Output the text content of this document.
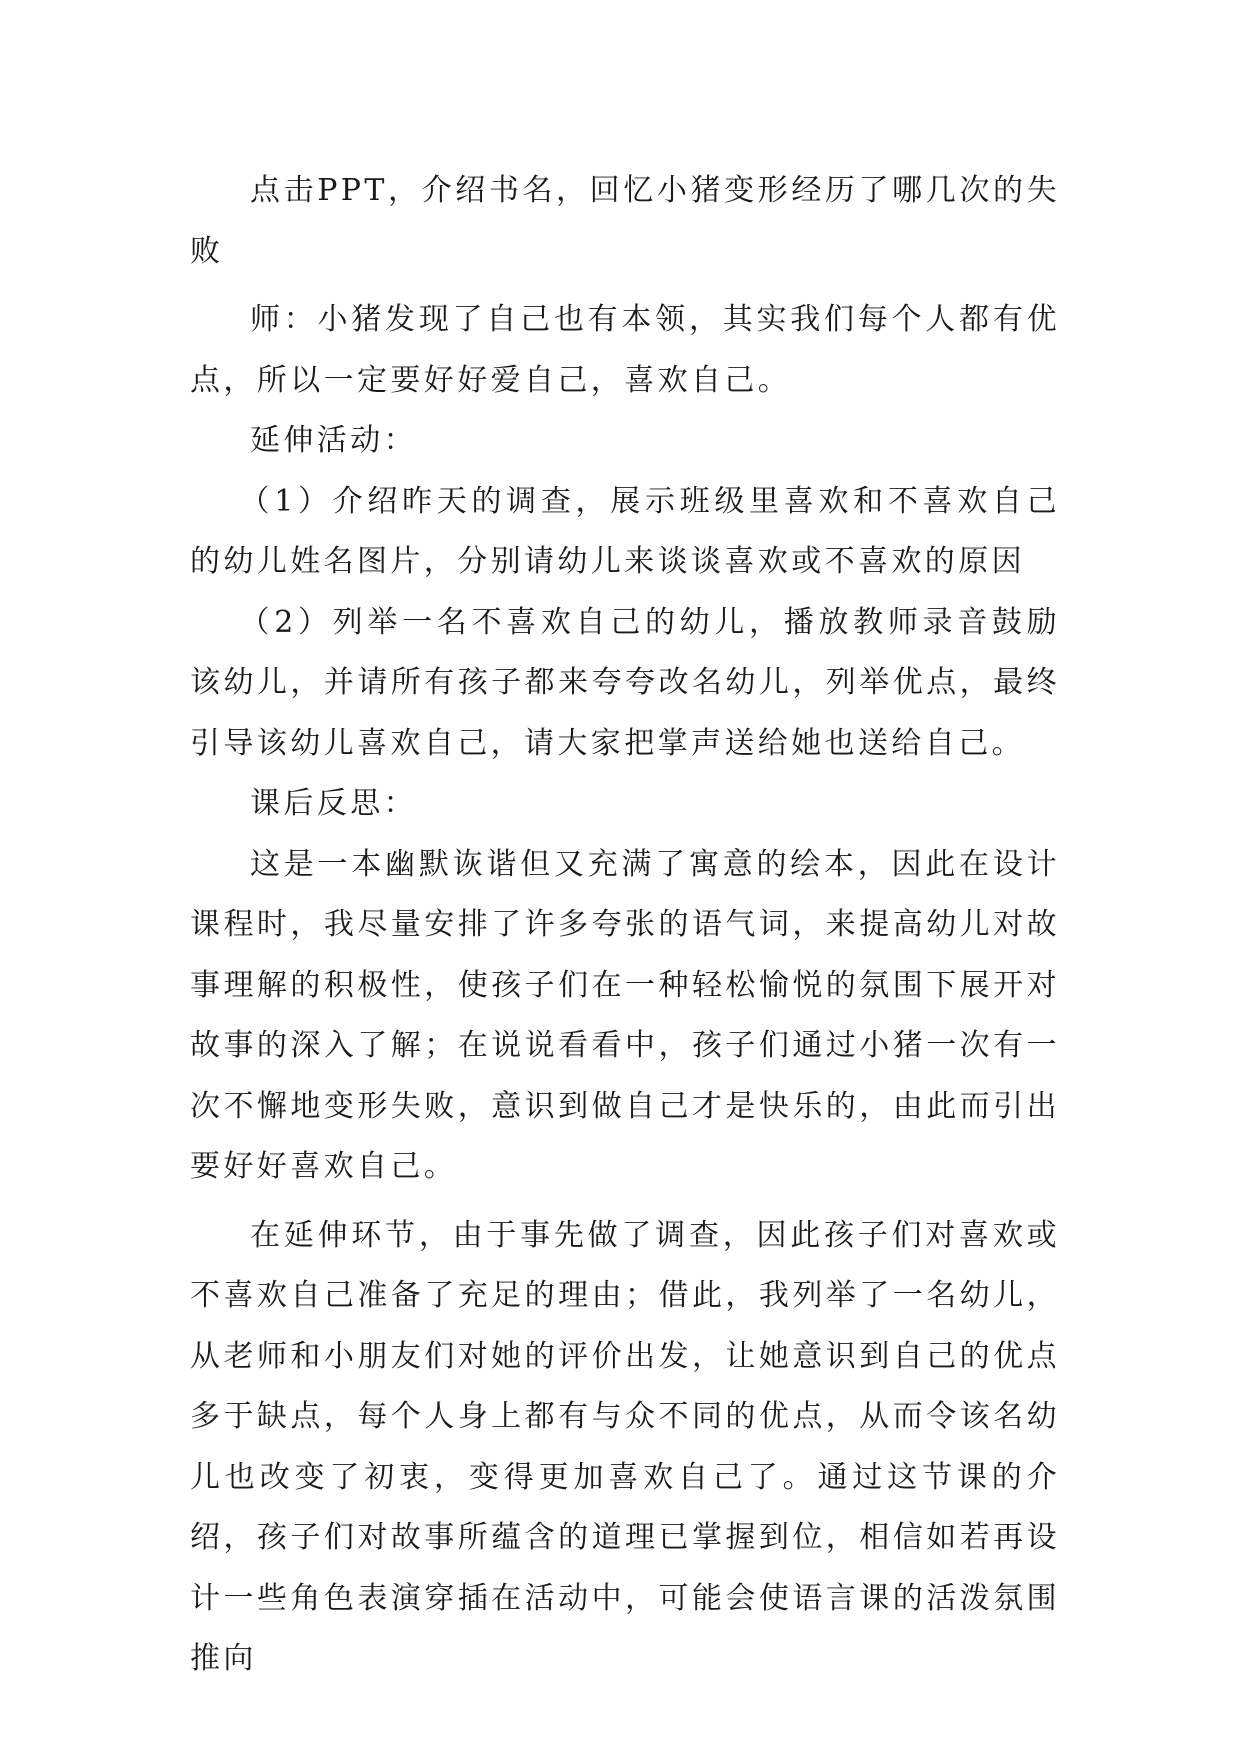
点击PPT，介绍书名，回忆小猪变形经历了哪几次的失败

师：小猪发现了自己也有本领，其实我们每个人都有优点，所以一定要好好爱自己，喜欢自己。

延伸活动：

（1）介绍昨天的调查，展示班级里喜欢和不喜欢自己的幼儿姓名图片，分别请幼儿来谈谈喜欢或不喜欢的原因

（2）列举一名不喜欢自己的幼儿，播放教师录音鼓励该幼儿，并请所有孩子都来夸夸改名幼儿，列举优点，最终引导该幼儿喜欢自己，请大家把掌声送给她也送给自己。

课后反思：

这是一本幽默诙谐但又充满了寓意的绘本，因此在设计课程时，我尽量安排了许多夸张的语气词，来提高幼儿对故事理解的积极性，使孩子们在一种轻松愉悦的氛围下展开对故事的深入了解；在说说看看中，孩子们通过小猪一次有一次不懈地变形失败，意识到做自己才是快乐的，由此而引出要好好喜欢自己。

在延伸环节，由于事先做了调查，因此孩子们对喜欢或不喜欢自己准备了充足的理由；借此，我列举了一名幼儿，从老师和小朋友们对她的评价出发，让她意识到自己的优点多于缺点，每个人身上都有与众不同的优点，从而令该名幼儿也改变了初衷，变得更加喜欢自己了。通过这节课的介绍，孩子们对故事所蕴含的道理已掌握到位，相信如若再设计一些角色表演穿插在活动中，可能会使语言课的活泼氛围推向
